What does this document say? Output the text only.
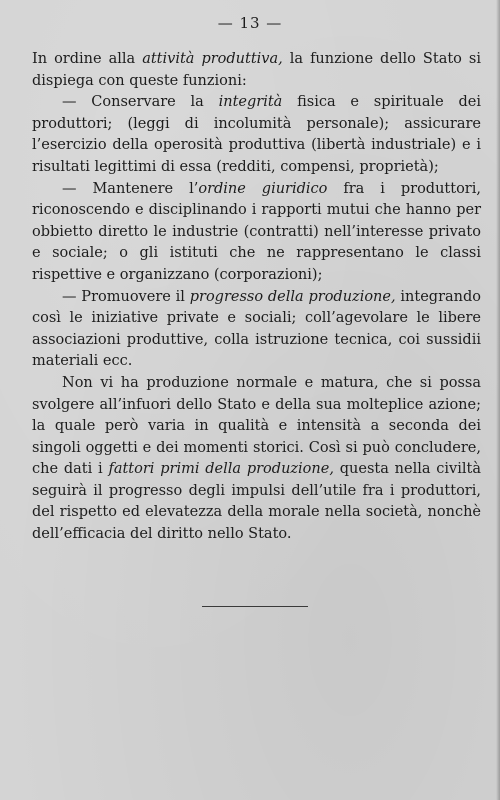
— 13 —

In ordine alla attività produttiva, la funzione dello Stato si dispiega con queste funzioni:

— Conservare la integrità fisica e spirituale dei produttori; (leggi di incolumità personale); assicurare l’esercizio della operosità produttiva (libertà industriale) e i risultati legittimi di essa (redditi, compensi, proprietà);

— Mantenere l’ordine giuridico fra i produttori, riconoscendo e disciplinando i rapporti mutui che hanno per obbietto diretto le industrie (contratti) nell’interesse privato e sociale; o gli istituti che ne rappresentano le classi rispettive e organizzano (corporazioni);

— Promuovere il progresso della produzione, integrando così le iniziative private e sociali; coll’agevolare le libere associazioni produttive, colla istruzione tecnica, coi sussidii materiali ecc.

Non vi ha produzione normale e matura, che si possa svolgere all’infuori dello Stato e della sua molteplice azione; la quale però varia in qualità e intensità a seconda dei singoli oggetti e dei momenti storici. Così si può concludere, che dati i fattori primi della produzione, questa nella civiltà seguirà il progresso degli impulsi dell’utile fra i produttori, del rispetto ed elevatezza della morale nella società, nonchè dell’efficacia del diritto nello Stato.
